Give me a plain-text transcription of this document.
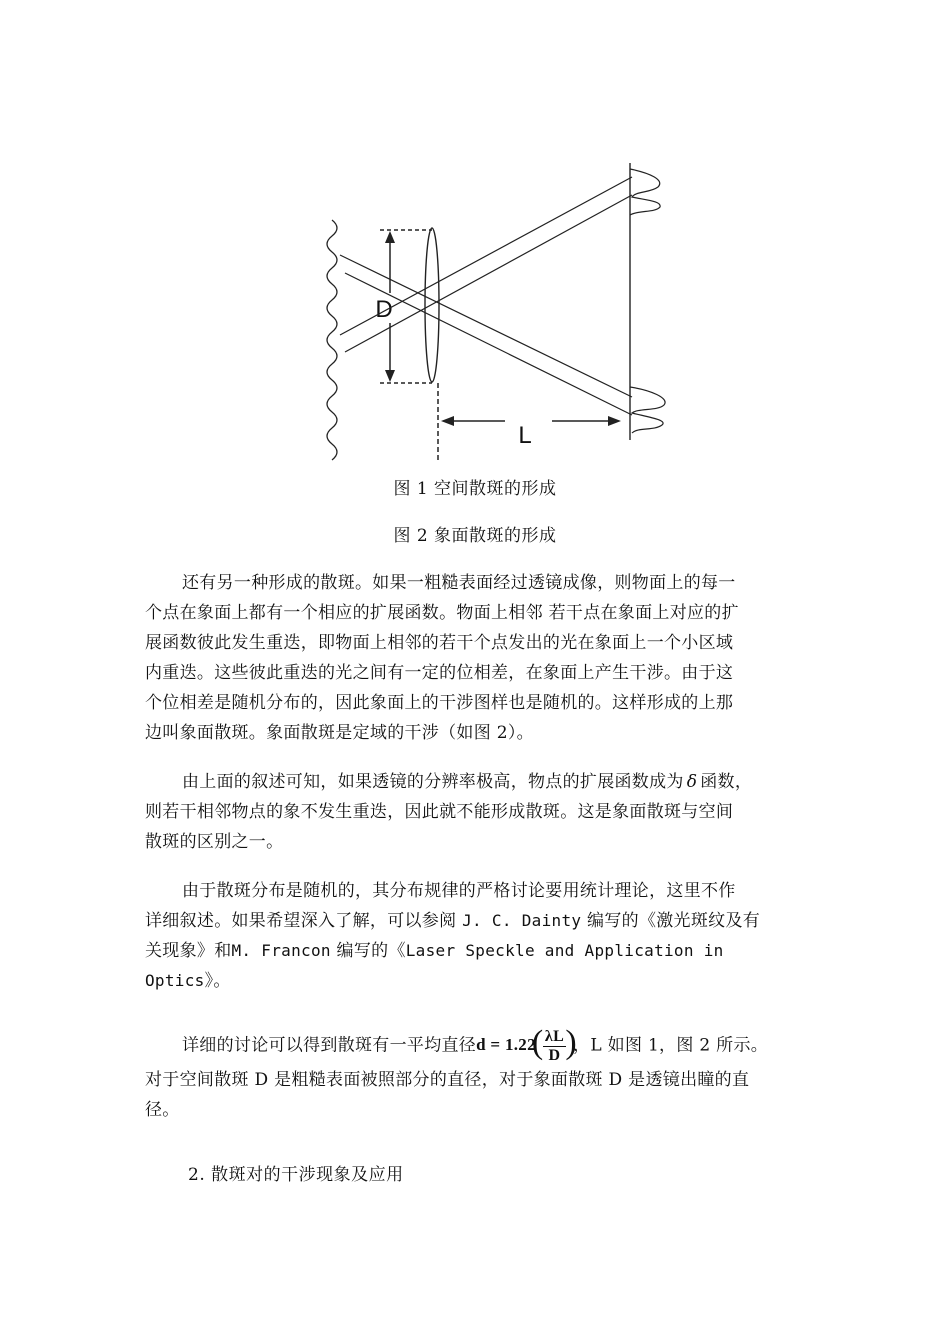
D
L
图 1 空间散斑的形成
图 2 象面散斑的形成
还有另一种形成的散斑。如果一粗糙表面经过透镜成像，则物面上的每一
个点在象面上都有一个相应的扩展函数。物面上相邻 若干点在象面上对应的扩
展函数彼此发生重迭，即物面上相邻的若干个点发出的光在象面上一个小区域
内重迭。这些彼此重迭的光之间有一定的位相差，在象面上产生干涉。由于这
个位相差是随机分布的，因此象面上的干涉图样也是随机的。这样形成的上那
边叫象面散斑。象面散斑是定域的干涉（如图 2）。
由上面的叙述可知，如果透镜的分辨率极高，物点的扩展函数成为 δ 函数，
则若干相邻物点的象不发生重迭，因此就不能形成散斑。这是象面散斑与空间
散斑的区别之一。
由于散斑分布是随机的，其分布规律的严格讨论要用统计理论，这里不作
详细叙述。如果希望深入了解，可以参阅 J. C. Dainty 编写的《激光斑纹及有
关现象》和M. Francon 编写的《Laser Speckle and Application in
Optics》。
详细的讨论可以得到散斑有一平均直径d = 1.22
( $\frac{\lambda L}{D}$ )
，L 如图 1，图 2 所示。
对于空间散斑 D 是粗糙表面被照部分的直径，对于象面散斑 D 是透镜出瞳的直
径。
2. 散斑对的干涉现象及应用
